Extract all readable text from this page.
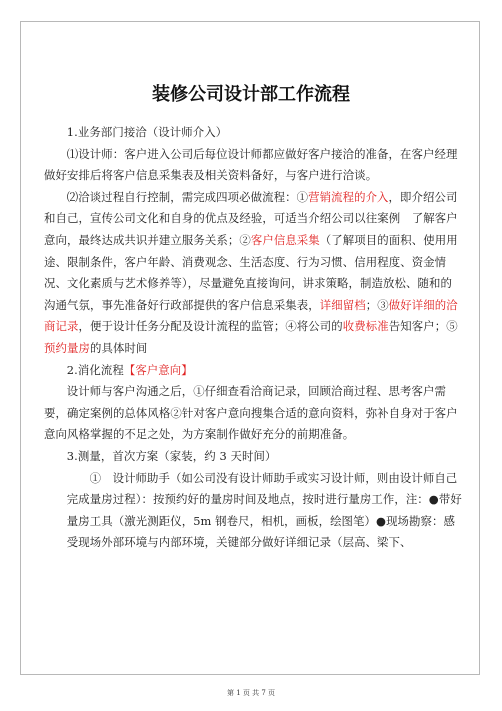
装修公司设计部工作流程

1.业务部门接洽（设计师介入）

⑴设计师：客户进入公司后每位设计师都应做好客户接洽的准备，在客户经理做好安排后将客户信息采集表及相关资料备好，与客户进行洽谈。

⑵洽谈过程自行控制，需完成四项必做流程：①营销流程的介入，即介绍公司和自己，宣传公司文化和自身的优点及经验，可适当介绍公司以往案例　了解客户意向，最终达成共识并建立服务关系；②客户信息采集（了解项目的面积、使用用途、限制条件，客户年龄、消费观念、生活态度、行为习惯、信用程度、资金情况、文化素质与艺术修养等），尽量避免直接询问，讲求策略，制造放松、随和的沟通气氛，事先准备好行政部提供的客户信息采集表，详细留档；③做好详细的洽商记录，便于设计任务分配及设计流程的监管；④将公司的收费标准告知客户；⑤预约量房的具体时间

2.消化流程【客户意向】

设计师与客户沟通之后，①仔细查看洽商记录，回顾洽商过程、思考客户需要，确定案例的总体风格②针对客户意向搜集合适的意向资料，弥补自身对于客户意向风格掌握的不足之处，为方案制作做好充分的前期准备。

3.测量，首次方案（家装，约 3 天时间）

①　设计师助手（如公司没有设计师助手或实习设计师，则由设计师自己完成量房过程）：按预约好的量房时间及地点，按时进行量房工作，注：●带好量房工具（激光测距仪，5m 钢卷尺，相机，画板，绘图笔）●现场勘察：感受现场外部环境与内部环境，关键部分做好详细记录（层高、梁下、

第 1 页 共 7 页
